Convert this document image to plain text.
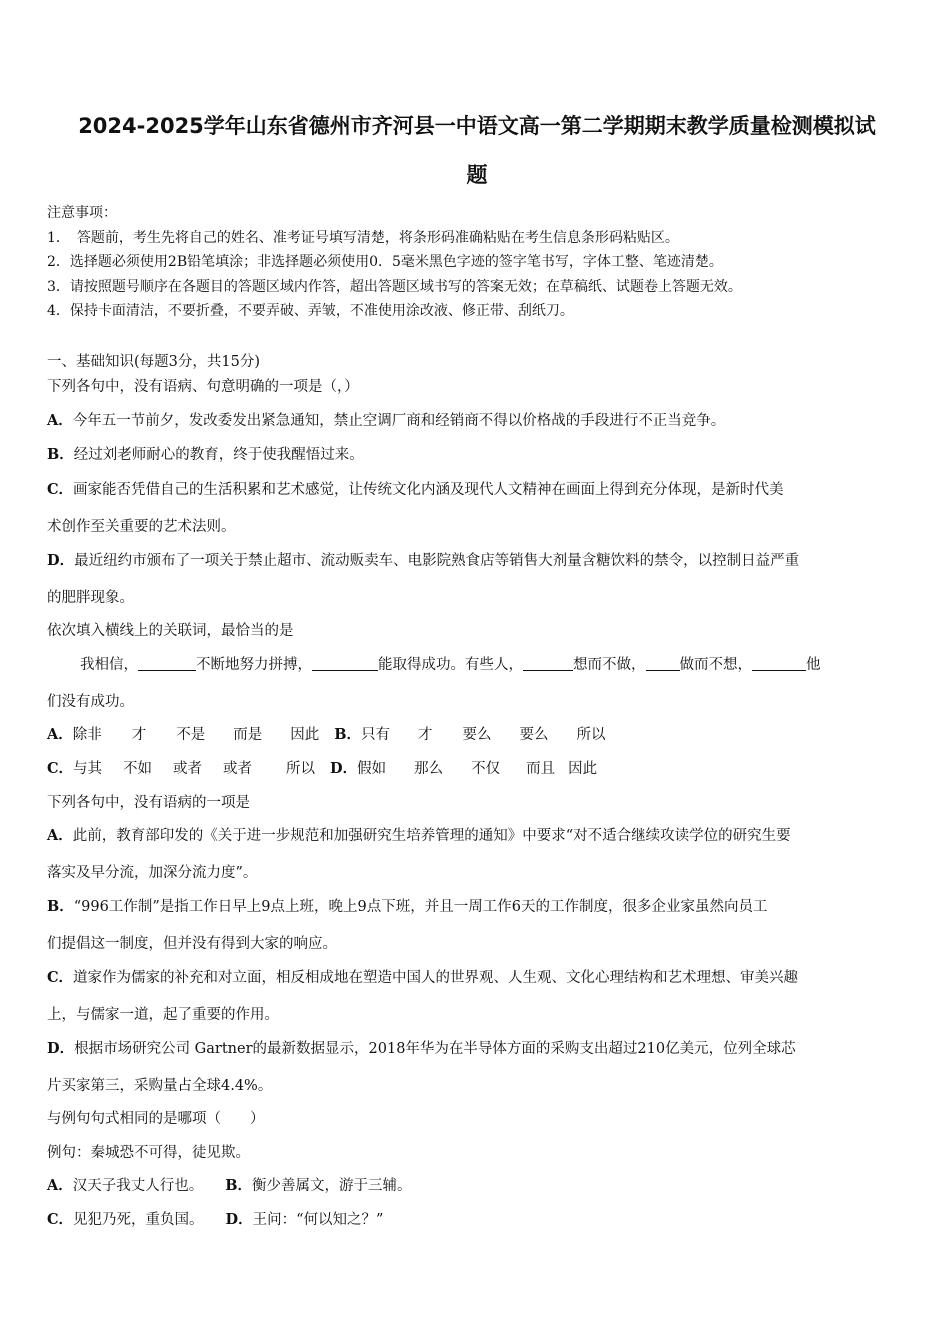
2024-2025学年山东省德州市齐河县一中语文高一第二学期期末教学质量检测模拟试
题
注意事项：
1．　答题前，考生先将自己的姓名、准考证号填写清楚，将条形码准确粘贴在考生信息条形码粘贴区。
2．选择题必须使用2B铅笔填涂；非选择题必须使用0．5毫米黑色字迹的签字笔书写，字体工整、笔迹清楚。
3．请按照题号顺序在各题目的答题区域内作答，超出答题区域书写的答案无效；在草稿纸、试题卷上答题无效。
4．保持卡面清洁，不要折叠，不要弄破、弄皱，不准使用涂改液、修正带、刮纸刀。
一、基础知识(每题3分，共15分)
下列各句中，没有语病、句意明确的一项是（，）
A．今年五一节前夕，发改委发出紧急通知，禁止空调厂商和经销商不得以价格战的手段进行不正当竞争。
B．经过刘老师耐心的教育，终于使我醒悟过来。
C．画家能否凭借自己的生活积累和艺术感觉，让传统文化内涵及现代人文精神在画面上得到充分体现，是新时代美
术创作至关重要的艺术法则。
D．最近纽约市颁布了一项关于禁止超市、流动贩卖车、电影院熟食店等销售大剂量含糖饮料的禁令，以控制日益严重
的肥胖现象。
依次填入横线上的关联词，最恰当的是
我相信，	不断地努力拼搏，	能取得成功。有些人，	想而不做， 做而不想，	他
们没有成功。
A．除非 才 不是 而是 因此 B．只有 才 要么 要么 所以
C．与其 不如 或者 或者 所以 D．假如 那么 不仅 而且 因此
下列各句中，没有语病的一项是
A．此前，教育部印发的《关于进一步规范和加强研究生培养管理的通知》中要求“对不适合继续攻读学位的研究生要
落实及早分流，加深分流力度”。
B．“996工作制”是指工作日早上9点上班，晚上9点下班，并且一周工作6天的工作制度，很多企业家虽然向员工
们提倡这一制度，但并没有得到大家的响应。
C．道家作为儒家的补充和对立面，相反相成地在塑造中国人的世界观、人生观、文化心理结构和艺术理想、审美兴趣
上，与儒家一道，起了重要的作用。
D．根据市场研究公司 Gartner的最新数据显示，2018年华为在半导体方面的采购支出超过210亿美元，位列全球芯
片买家第三，采购量占全球4.4%。
与例句句式相同的是哪项（　　）
例句：秦城恐不可得，徒见欺。
A．汉天子我丈人行也。 B．衡少善属文，游于三辅。
C．见犯乃死，重负国。 D．王问：“何以知之？”
